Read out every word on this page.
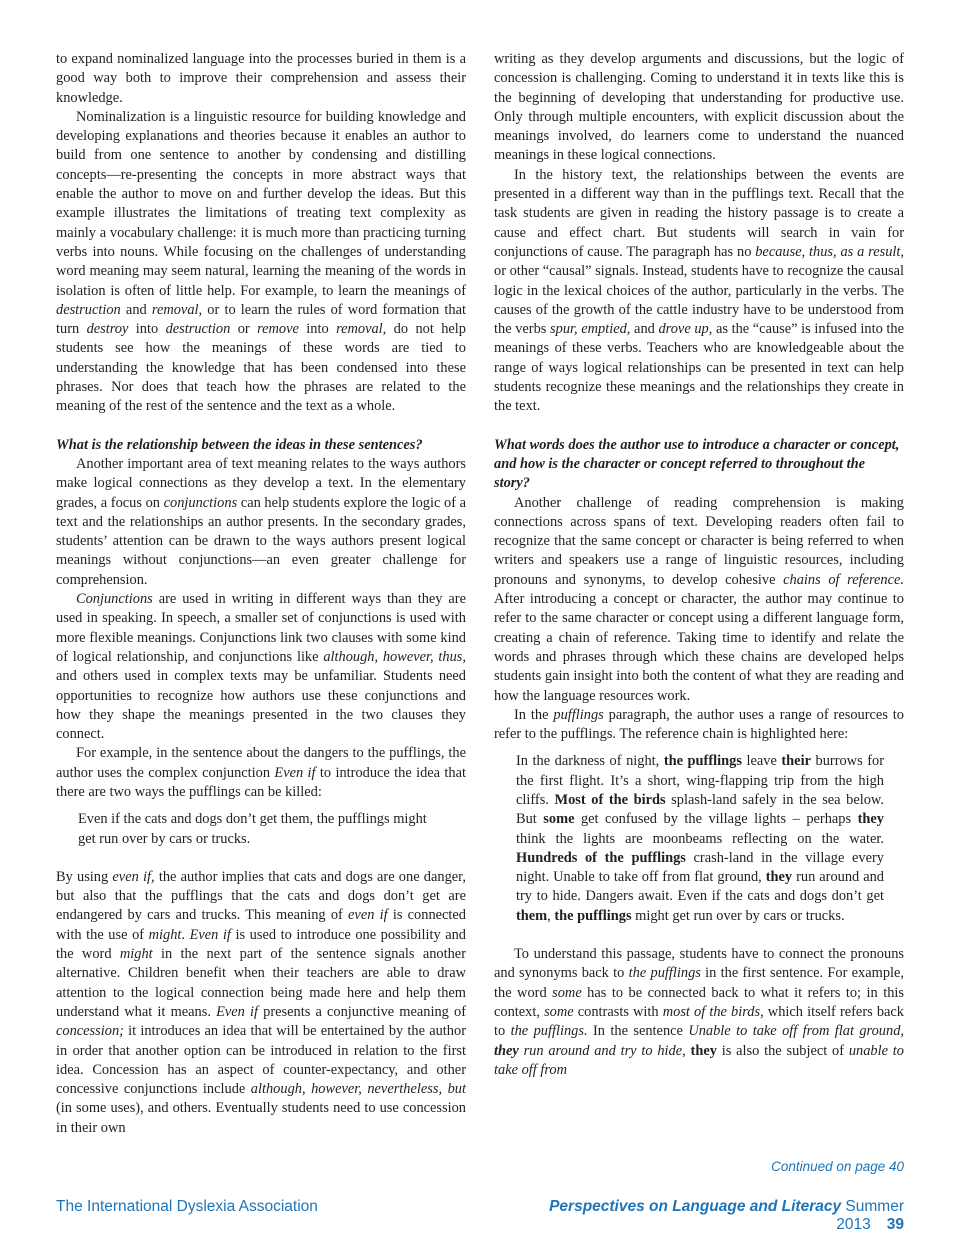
to expand nominalized language into the processes buried in them is a good way both to improve their comprehension and assess their knowledge.

Nominalization is a linguistic resource for building knowledge and developing explanations and theories because it enables an author to build from one sentence to another by condensing and distilling concepts—re-presenting the concepts in more abstract ways that enable the author to move on and further develop the ideas. But this example illustrates the limitations of treating text complexity as mainly a vocabulary challenge: it is much more than practicing turning verbs into nouns. While focusing on the challenges of understanding word meaning may seem natural, learning the meaning of the words in isolation is often of little help. For example, to learn the meanings of destruction and removal, or to learn the rules of word formation that turn destroy into destruction or remove into removal, do not help students see how the meanings of these words are tied to understanding the knowledge that has been condensed into these phrases. Nor does that teach how the phrases are related to the meaning of the rest of the sentence and the text as a whole.

What is the relationship between the ideas in these sentences?

Another important area of text meaning relates to the ways authors make logical connections as they develop a text. In the elementary grades, a focus on conjunctions can help students explore the logic of a text and the relationships an author presents. In the secondary grades, students’ attention can be drawn to the ways authors present logical meanings without conjunctions—an even greater challenge for comprehension.

Conjunctions are used in writing in different ways than they are used in speaking. In speech, a smaller set of conjunctions is used with more flexible meanings. Conjunctions link two clauses with some kind of logical relationship, and conjunctions like although, however, thus, and others used in complex texts may be unfamiliar. Students need opportunities to recognize how authors use these conjunctions and how they shape the meanings presented in the two clauses they connect.

For example, in the sentence about the dangers to the pufflings, the author uses the complex conjunction Even if to introduce the idea that there are two ways the pufflings can be killed:

Even if the cats and dogs don’t get them, the pufflings might get run over by cars or trucks.

By using even if, the author implies that cats and dogs are one danger, but also that the pufflings that the cats and dogs don’t get are endangered by cars and trucks. This meaning of even if is connected with the use of might. Even if is used to introduce one possibility and the word might in the next part of the sentence signals another alternative. Children benefit when their teachers are able to draw attention to the logical connection being made here and help them understand what it means. Even if presents a conjunctive meaning of concession; it introduces an idea that will be entertained by the author in order that another option can be introduced in relation to the first idea. Concession has an aspect of counter-expectancy, and other concessive conjunctions include although, however, nevertheless, but (in some uses), and others. Eventually students need to use concession in their own

writing as they develop arguments and discussions, but the logic of concession is challenging. Coming to understand it in texts like this is the beginning of developing that understanding for productive use. Only through multiple encounters, with explicit discussion about the meanings involved, do learners come to understand the nuanced meanings in these logical connections.

In the history text, the relationships between the events are presented in a different way than in the pufflings text. Recall that the task students are given in reading the history passage is to create a cause and effect chart. But students will search in vain for conjunctions of cause. The paragraph has no because, thus, as a result, or other “causal” signals. Instead, students have to recognize the causal logic in the lexical choices of the author, particularly in the verbs. The causes of the growth of the cattle industry have to be understood from the verbs spur, emptied, and drove up, as the “cause” is infused into the meanings of these verbs. Teachers who are knowledgeable about the range of ways logical relationships can be presented in text can help students recognize these meanings and the relationships they create in the text.

What words does the author use to introduce a character or concept, and how is the character or concept referred to throughout the story?

Another challenge of reading comprehension is making connections across spans of text. Developing readers often fail to recognize that the same concept or character is being referred to when writers and speakers use a range of linguistic resources, including pronouns and synonyms, to develop cohesive chains of reference. After introducing a concept or character, the author may continue to refer to the same character or concept using a different language form, creating a chain of reference. Taking time to identify and relate the words and phrases through which these chains are developed helps students gain insight into both the content of what they are reading and how the language resources work.

In the pufflings paragraph, the author uses a range of resources to refer to the pufflings. The reference chain is highlighted here:

In the darkness of night, the pufflings leave their burrows for the first flight. It’s a short, wing-flapping trip from the high cliffs. Most of the birds splash-land safely in the sea below. But some get confused by the village lights – perhaps they think the lights are moonbeams reflecting on the water. Hundreds of the pufflings crash-land in the village every night. Unable to take off from flat ground, they run around and try to hide. Dangers await. Even if the cats and dogs don’t get them, the pufflings might get run over by cars or trucks.

To understand this passage, students have to connect the pronouns and synonyms back to the pufflings in the first sentence. For example, the word some has to be connected back to what it refers to; in this context, some contrasts with most of the birds, which itself refers back to the pufflings. In the sentence Unable to take off from flat ground, they run around and try to hide, they is also the subject of unable to take off from

Continued on page 40
The International Dyslexia Association	Perspectives on Language and Literacy Summer 2013 39
